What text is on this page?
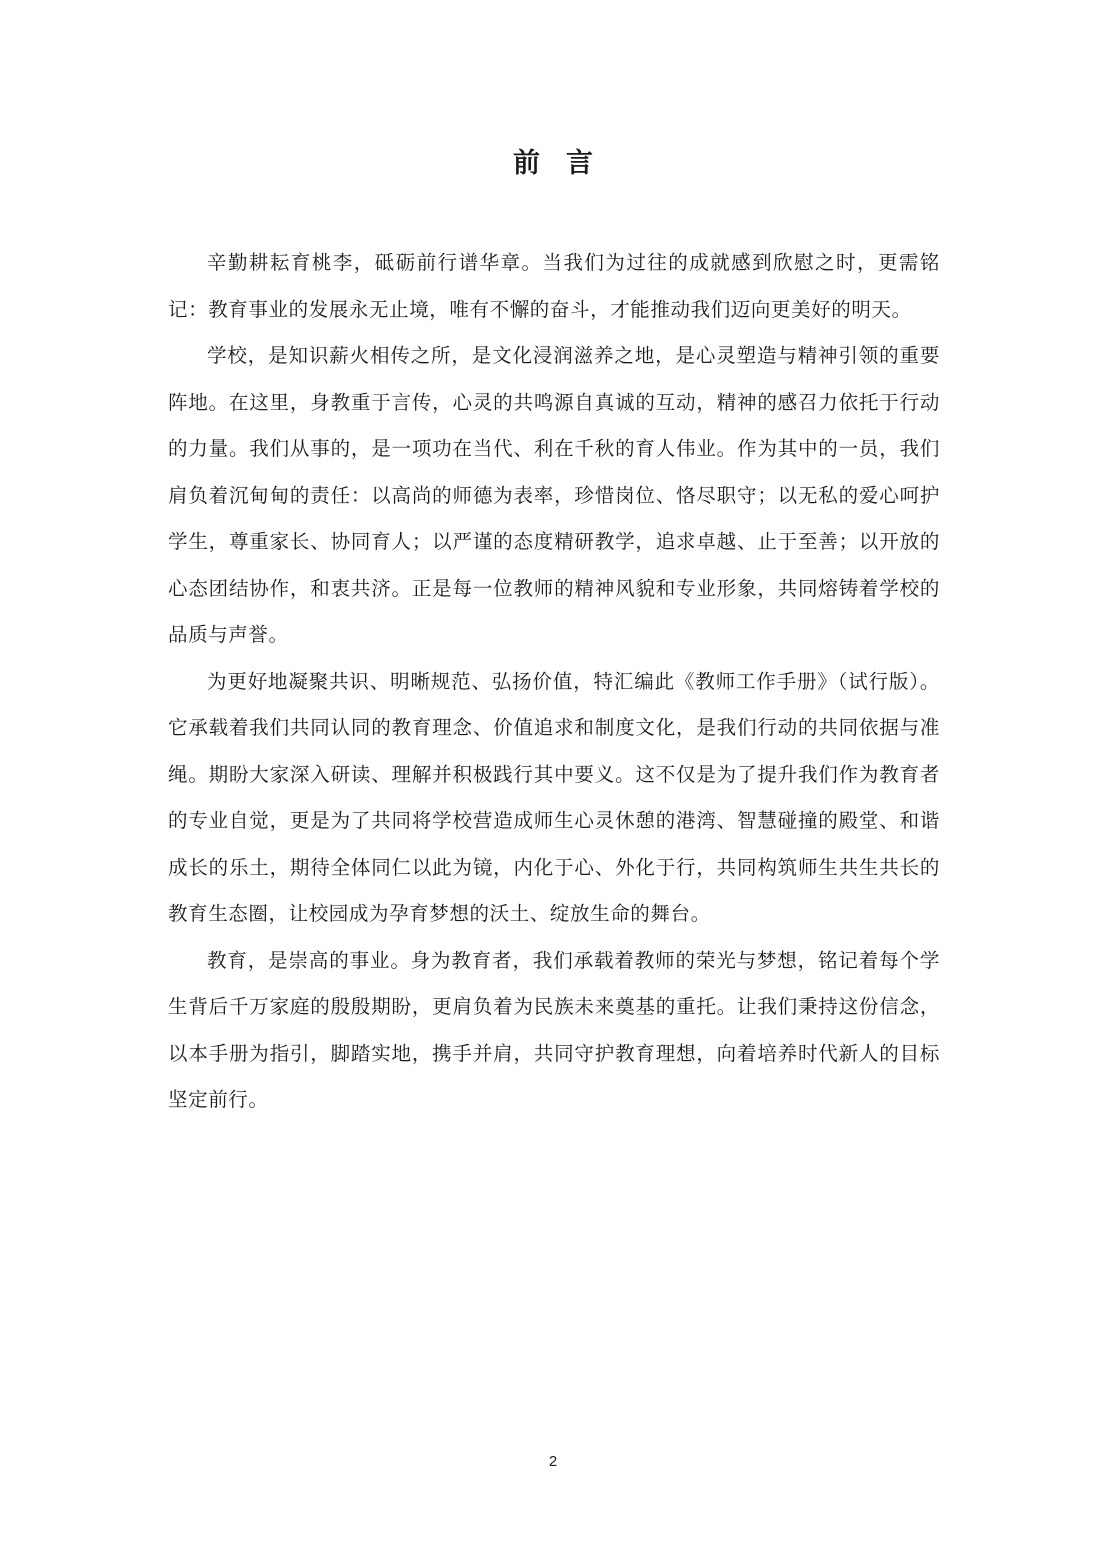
前言

辛勤耕耘育桃李，砥砺前行谱华章。当我们为过往的成就感到欣慰之时，更需铭记：教育事业的发展永无止境，唯有不懈的奋斗，才能推动我们迈向更美好的明天。

学校，是知识薪火相传之所，是文化浸润滋养之地，是心灵塑造与精神引领的重要阵地。在这里，身教重于言传，心灵的共鸣源自真诚的互动，精神的感召力依托于行动的力量。我们从事的，是一项功在当代、利在千秋的育人伟业。作为其中的一员，我们肩负着沉甸甸的责任：以高尚的师德为表率，珍惜岗位、恪尽职守；以无私的爱心呵护学生，尊重家长、协同育人；以严谨的态度精研教学，追求卓越、止于至善；以开放的心态团结协作，和衷共济。正是每一位教师的精神风貌和专业形象，共同熔铸着学校的品质与声誉。

为更好地凝聚共识、明晰规范、弘扬价值，特汇编此《教师工作手册》（试行版）。它承载着我们共同认同的教育理念、价值追求和制度文化，是我们行动的共同依据与准绳。期盼大家深入研读、理解并积极践行其中要义。这不仅是为了提升我们作为教育者的专业自觉，更是为了共同将学校营造成师生心灵休憩的港湾、智慧碰撞的殿堂、和谐成长的乐土，期待全体同仁以此为镜，内化于心、外化于行，共同构筑师生共生共长的教育生态圈，让校园成为孕育梦想的沃土、绽放生命的舞台。

教育，是崇高的事业。身为教育者，我们承载着教师的荣光与梦想，铭记着每个学生背后千万家庭的殷殷期盼，更肩负着为民族未来奠基的重托。让我们秉持这份信念，以本手册为指引，脚踏实地，携手并肩，共同守护教育理想，向着培养时代新人的目标坚定前行。

2
